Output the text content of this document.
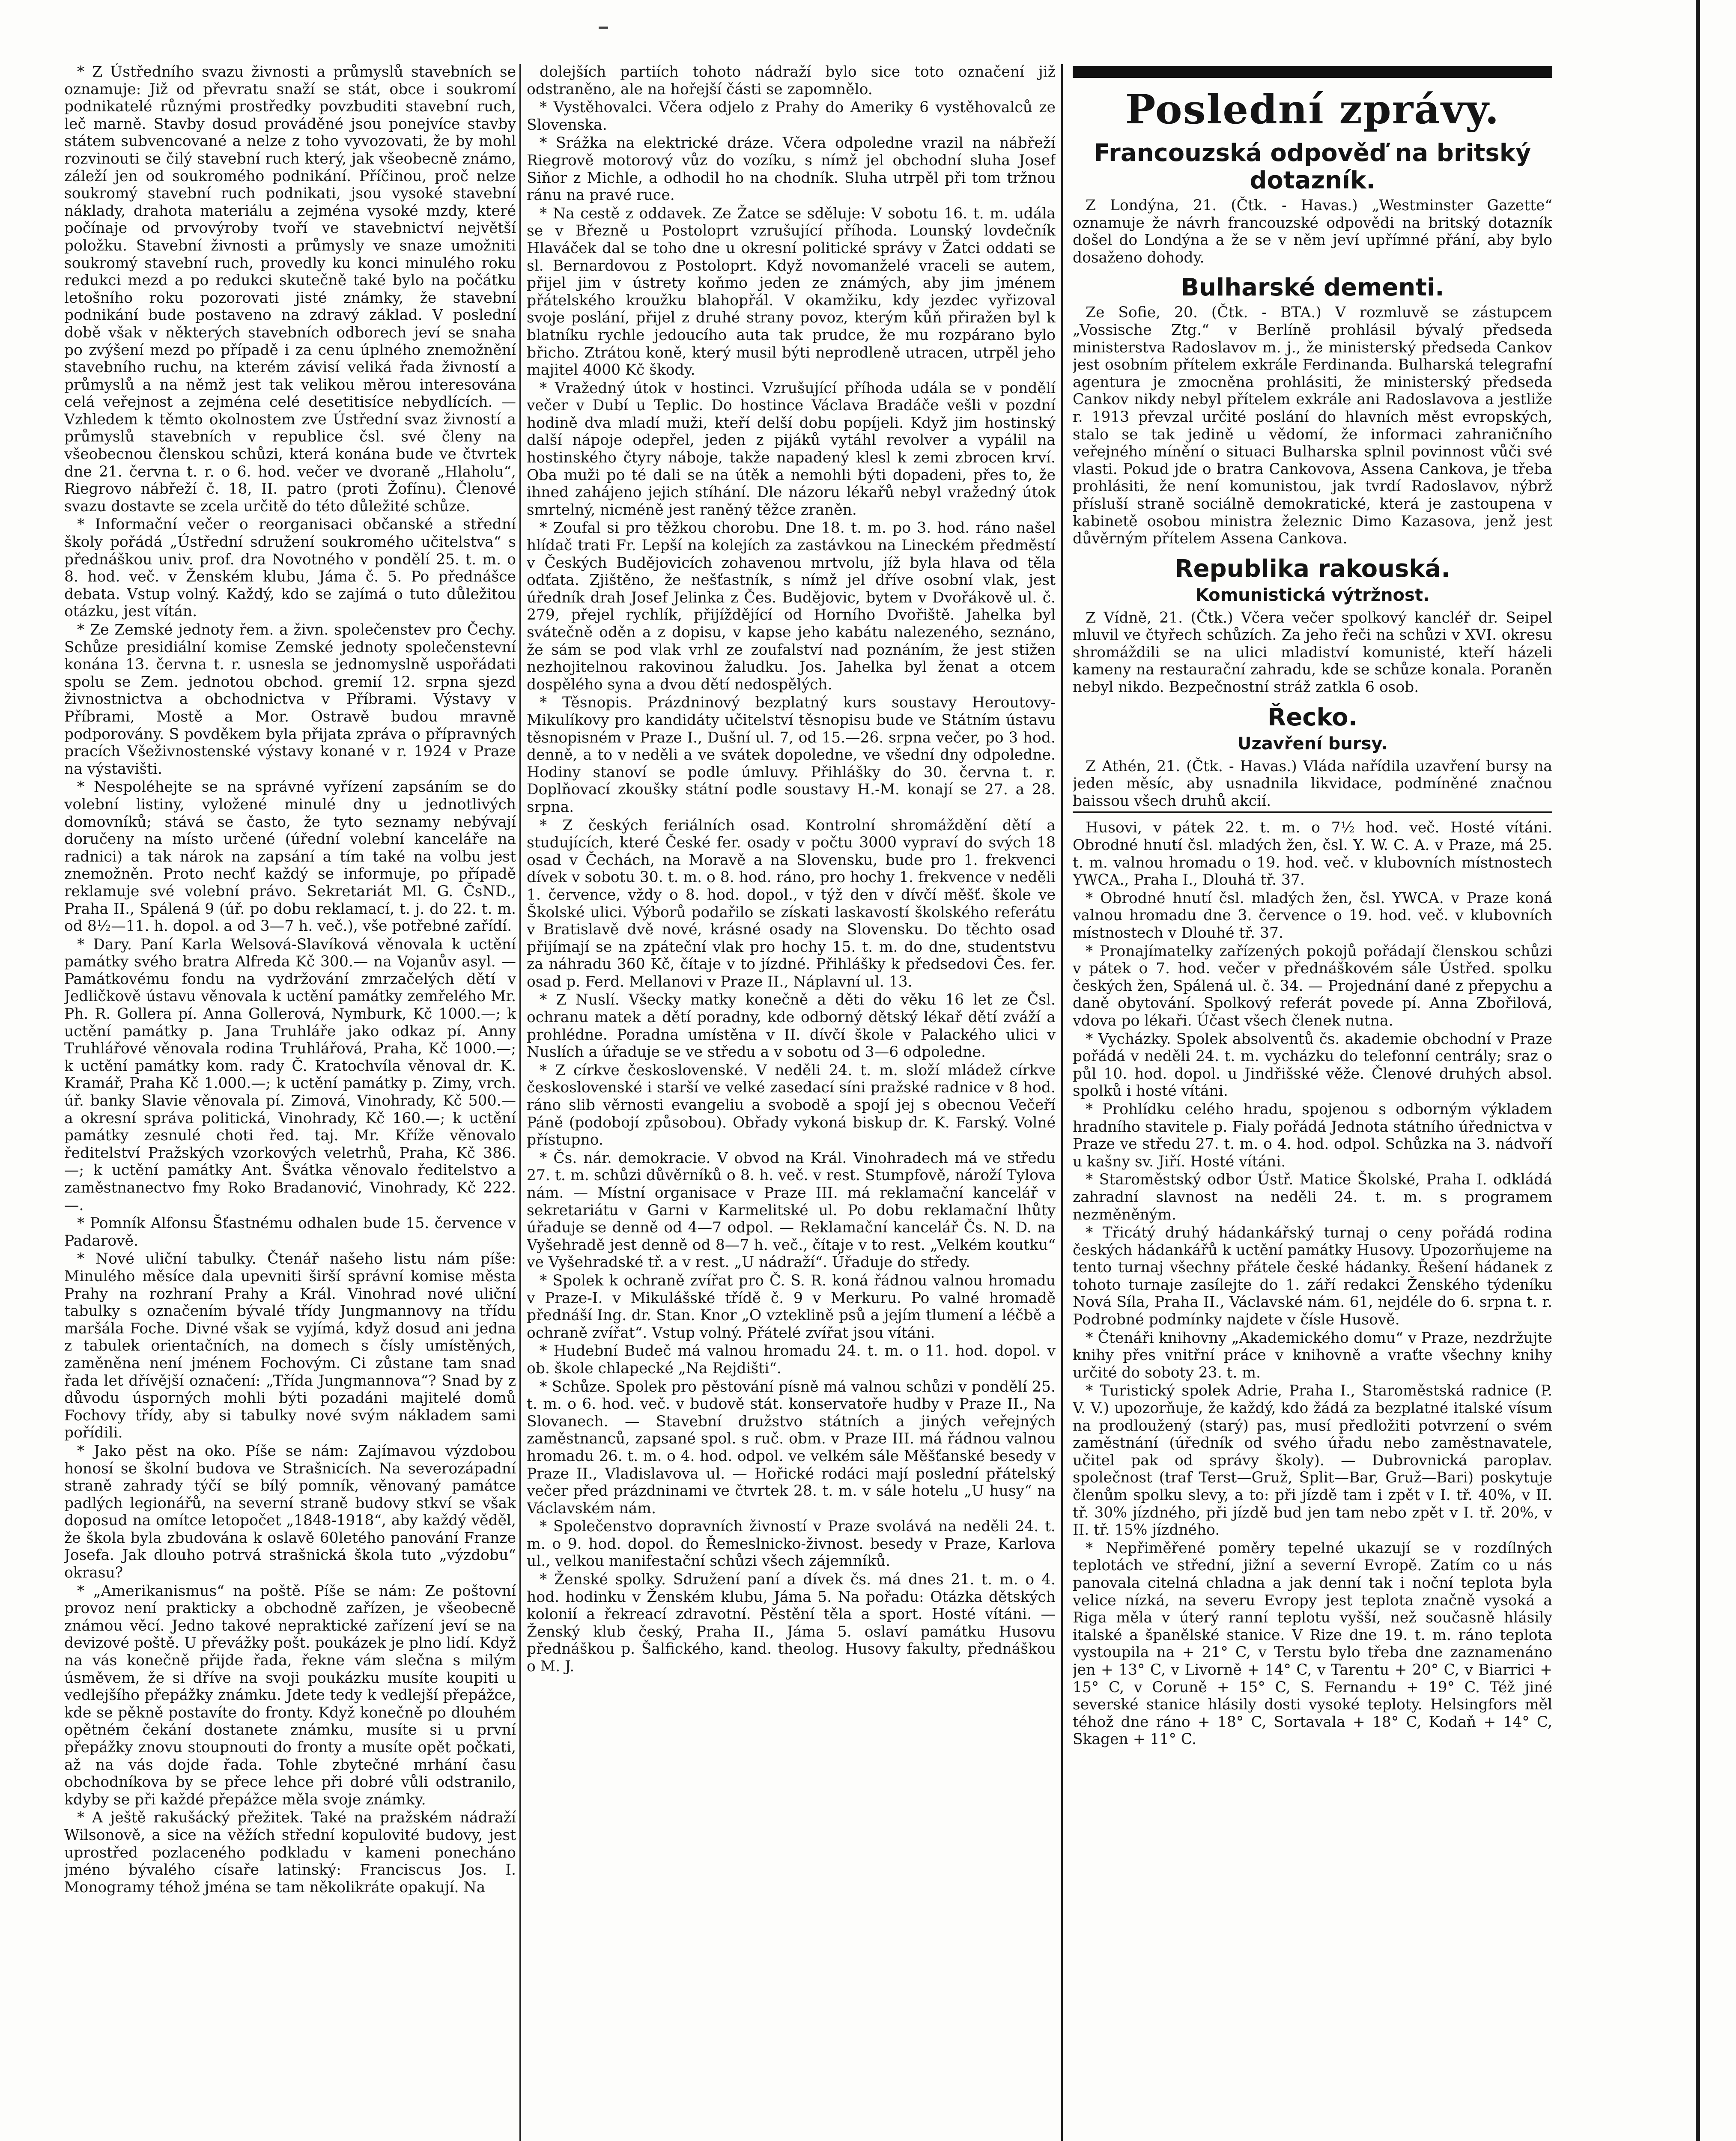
* Z Ústředního svazu živnosti a průmyslů stavebních se oznamuje: Již od převratu snaží se stát, obce i soukromí podnikatelé různými prostředky povzbuditi stavební ruch, leč marně. Stavby dosud prováděné jsou ponejvíce stavby státem subvencované a nelze z toho vyvozovati, že by mohl rozvinouti se čilý stavební ruch který, jak všeobecně známo, záleží jen od soukromého podnikání. Příčinou, proč nelze soukromý stavební ruch podnikati, jsou vysoké stavební náklady, drahota materiálu a zejména vysoké mzdy, které počínaje od prvovýroby tvoří ve stavebnictví největší položku. Stavební živnosti a průmysly ve snaze umožniti soukromý stavební ruch, provedly ku konci minulého roku redukci mezd a po redukci skutečně také bylo na počátku letošního roku pozorovati jisté známky, že stavební podnikání bude postaveno na zdravý základ. V poslední době však v některých stavebních odborech jeví se snaha po zvýšení mezd po případě i za cenu úplného znemožnění stavebního ruchu, na kterém závisí veliká řada živností a průmyslů a na němž jest tak velikou měrou interesována celá veřejnost a zejména celé desetitisíce nebydlících. — Vzhledem k těmto okolnostem zve Ústřední svaz živností a průmyslů stavebních v republice čsl. své členy na všeobecnou členskou schůzi, která konána bude ve čtvrtek dne 21. června t. r. o 6. hod. večer ve dvoraně „Hlaholu“, Riegrovo nábřeží č. 18, II. patro (proti Žofínu). Členové svazu dostavte se zcela určitě do této důležité schůze.

* Informační večer o reorganisaci občanské a střední školy pořádá „Ústřední sdružení soukromého učitelstva“ s přednáškou univ. prof. dra Novotného v pondělí 25. t. m. o 8. hod. več. v Ženském klubu, Jáma č. 5. Po přednášce debata. Vstup volný. Každý, kdo se zajímá o tuto důležitou otázku, jest vítán.

* Ze Zemské jednoty řem. a živn. společenstev pro Čechy. Schůze presidiální komise Zemské jednoty společenstevní konána 13. června t. r. usnesla se jednomyslně uspořádati spolu se Zem. jednotou obchod. gremií 12. srpna sjezd živnostnictva a obchodnictva v Příbrami. Výstavy v Příbrami, Mostě a Mor. Ostravě budou mravně podporovány. S povděkem byla přijata zpráva o přípravných pracích Všeživnostenské výstavy konané v r. 1924 v Praze na výstavišti.

* Nespoléhejte se na správné vyřízení zapsáním se do volební listiny, vyložené minulé dny u jednotlivých domovníků; stává se často, že tyto seznamy nebývají doručeny na místo určené (úřední volební kanceláře na radnici) a tak nárok na zapsání a tím také na volbu jest znemožněn. Proto nechť každý se informuje, po případě reklamuje své volební právo. Sekretariát Ml. G. ČsND., Praha II., Spálená 9 (úř. po dobu reklamací, t. j. do 22. t. m. od 8½—11. h. dopol. a od 3—7 h. več.), vše potřebné zařídí.

* Dary. Paní Karla Welsová-Slavíková věnovala k uctění památky svého bratra Alfreda Kč 300.— na Vojanův asyl. — Památkovému fondu na vydržování zmrzačelých dětí v Jedličkově ústavu věnovala k uctění památky zemřelého Mr. Ph. R. Gollera pí. Anna Gollerová, Nymburk, Kč 1000.—; k uctění památky p. Jana Truhláře jako odkaz pí. Anny Truhlářové věnovala rodina Truhlářová, Praha, Kč 1000.—; k uctění památky kom. rady Č. Kratochvíla věnoval dr. K. Kramář, Praha Kč 1.000.—; k uctění památky p. Zimy, vrch. úř. banky Slavie věnovala pí. Zimová, Vinohrady, Kč 500.— a okresní správa politická, Vinohrady, Kč 160.—; k uctění památky zesnulé choti řed. taj. Mr. Kříže věnovalo ředitelství Pražských vzorkových veletrhů, Praha, Kč 386.—; k uctění památky Ant. Švátka věnovalo ředitelstvo a zaměstnanectvo fmy Roko Bradanović, Vinohrady, Kč 222.—.

* Pomník Alfonsu Šťastnému odhalen bude 15. července v Padarově.

* Nové uliční tabulky. Čtenář našeho listu nám píše: Minulého měsíce dala upevniti širší správní komise města Prahy na rozhraní Prahy a Král. Vinohrad nové uliční tabulky s označením bývalé třídy Jungmannovy na třídu maršála Foche. Divné však se vyjímá, když dosud ani jedna z tabulek orientačních, na domech s čísly umístěných, zaměněna není jménem Fochovým. Ci zůstane tam snad řada let dřívější označení: „Třída Jungmannova“? Snad by z důvodu úsporných mohli býti pozadáni majitelé domů Fochovy třídy, aby si tabulky nové svým nákladem sami pořídili.

* Jako pěst na oko. Píše se nám: Zajímavou výzdobou honosí se školní budova ve Strašnicích. Na severozápadní straně zahrady týčí se bílý pomník, věnovaný památce padlých legionářů, na severní straně budovy stkví se však doposud na omítce letopočet „1848-1918“, aby každý věděl, že škola byla zbudována k oslavě 60letého panování Franze Josefa. Jak dlouho potrvá strašnická škola tuto „výzdobu“ okrasu?

* „Amerikanismus“ na poště. Píše se nám: Ze poštovní provoz není prakticky a obchodně zařízen, je všeobecně známou věcí. Jedno takové nepraktické zařízení jeví se na devizové poště. U převážky pošt. poukázek je plno lidí. Když na vás konečně přijde řada, řekne vám slečna s milým úsměvem, že si dříve na svoji poukázku musíte koupiti u vedlejšího přepážky známku. Jdete tedy k vedlejší přepážce, kde se pěkně postavíte do fronty. Když konečně po dlouhém opětném čekání dostanete známku, musíte si u první přepážky znovu stoupnouti do fronty a musíte opět počkati, až na vás dojde řada. Tohle zbytečné mrhání času obchodníkova by se přece lehce při dobré vůli odstranilo, kdyby se při každé přepážce měla svoje známky.

* A ještě rakušácký přežitek. Také na pražském nádraží Wilsonově, a sice na věžích střední kopulovité budovy, jest uprostřed pozlaceného podkladu v kameni ponecháno jméno bývalého císaře latinský: Franciscus Jos. I. Monogramy téhož jména se tam několikráte opakují. Na

dolejších partiích tohoto nádraží bylo sice toto označení již odstraněno, ale na hořejší části se zapomnělo.

* Vystěhovalci. Včera odjelo z Prahy do Ameriky 6 vystěhovalců ze Slovenska.

* Srážka na elektrické dráze. Včera odpoledne vrazil na nábřeží Riegrově motorový vůz do vozíku, s nímž jel obchodní sluha Josef Siňor z Michle, a odhodil ho na chodník. Sluha utrpěl při tom tržnou ránu na pravé ruce.

* Na cestě z oddavek. Ze Žatce se sděluje: V sobotu 16. t. m. udála se v Březně u Postoloprt vzrušující příhoda. Lounský lovdečník Hlaváček dal se toho dne u okresní politické správy v Žatci oddati se sl. Bernardovou z Postoloprt. Když novomanželé vraceli se autem, přijel jim v ústrety koňmo jeden ze známých, aby jim jménem přátelského kroužku blahopřál. V okamžiku, kdy jezdec vyřizoval svoje poslání, přijel z druhé strany povoz, kterým kůň přiražen byl k blatníku rychle jedoucího auta tak prudce, že mu rozpárano bylo břicho. Ztrátou koně, který musil býti neprodleně utracen, utrpěl jeho majitel 4000 Kč škody.

* Vražedný útok v hostinci. Vzrušující příhoda udála se v pondělí večer v Dubí u Teplic. Do hostince Václava Bradáče vešli v pozdní hodině dva mladí muži, kteří delší dobu popíjeli. Když jim hostinský další nápoje odepřel, jeden z pijáků vytáhl revolver a vypálil na hostinského čtyry náboje, takže napadený klesl k zemi zbrocen krví. Oba muži po té dali se na útěk a nemohli býti dopadeni, přes to, že ihned zahájeno jejich stíhání. Dle názoru lékařů nebyl vražedný útok smrtelný, nicméně jest raněný těžce zraněn.

* Zoufal si pro těžkou chorobu. Dne 18. t. m. po 3. hod. ráno našel hlídač trati Fr. Lepší na kolejích za zastávkou na Lineckém předměstí v Českých Budějovicích zohavenou mrtvolu, jíž byla hlava od těla odťata. Zjištěno, že nešťastník, s nímž jel dříve osobní vlak, jest úředník drah Josef Jelinka z Čes. Budějovic, bytem v Dvořákově ul. č. 279, přejel rychlík, přijíždějící od Horního Dvořiště. Jahelka byl svátečně oděn a z dopisu, v kapse jeho kabátu nalezeného, seznáno, že sám se pod vlak vrhl ze zoufalství nad poznáním, že jest stižen nezhojitelnou rakovinou žaludku. Jos. Jahelka byl ženat a otcem dospělého syna a dvou dětí nedospělých.

* Těsnopis. Prázdninový bezplatný kurs soustavy Heroutovy-Mikulíkovy pro kandidáty učitelství těsnopisu bude ve Státním ústavu těsnopisném v Praze I., Dušní ul. 7, od 15.—26. srpna večer, po 3 hod. denně, a to v neděli a ve svátek dopoledne, ve všední dny odpoledne. Hodiny stanoví se podle úmluvy. Přihlášky do 30. června t. r. Doplňovací zkoušky státní podle soustavy H.-M. konají se 27. a 28. srpna.

* Z českých feriálních osad. Kontrolní shromáždění dětí a studujících, které České fer. osady v počtu 3000 vypraví do svých 18 osad v Čechách, na Moravě a na Slovensku, bude pro 1. frekvenci dívek v sobotu 30. t. m. o 8. hod. ráno, pro hochy 1. frekvence v neděli 1. července, vždy o 8. hod. dopol., v týž den v dívčí měšť. škole ve Školské ulici. Výborů podařilo se získati laskavostí školského referátu v Bratislavě dvě nové, krásné osady na Slovensku. Do těchto osad přijímají se na zpáteční vlak pro hochy 15. t. m. do dne, studentstvu za náhradu 360 Kč, čítaje v to jízdné. Přihlášky k předsedovi Čes. fer. osad p. Ferd. Mellanovi v Praze II., Náplavní ul. 13.

* Z Nuslí. Všecky matky konečně a děti do věku 16 let ze Čsl. ochranu matek a dětí poradny, kde odborný dětský lékař dětí zváží a prohlédne. Poradna umístěna v II. dívčí škole v Palackého ulici v Nuslích a úřaduje se ve středu a v sobotu od 3—6 odpoledne.

* Z církve československé. V neděli 24. t. m. složí mládež církve československé i starší ve velké zasedací síni pražské radnice v 8 hod. ráno slib věrnosti evangeliu a svobodě a spojí jej s obecnou Večeří Páně (podobojí způsobou). Obřady vykoná biskup dr. K. Farský. Volné přístupno.

* Čs. nár. demokracie. V obvod na Král. Vinohradech má ve středu 27. t. m. schůzi důvěrníků o 8. h. več. v rest. Stumpfově, nároží Tylova nám. — Místní organisace v Praze III. má reklamační kancelář v sekretariátu v Garni v Karmelitské ul. Po dobu reklamační lhůty úřaduje se denně od 4—7 odpol. — Reklamační kancelář Čs. N. D. na Vyšehradě jest denně od 8—7 h. več., čítaje v to rest. „Velkém koutku“ ve Vyšehradské tř. a v rest. „U nádraží“. Úřaduje do středy.

* Spolek k ochraně zvířat pro Č. S. R. koná řádnou valnou hromadu v Praze-I. v Mikulášské třídě č. 9 v Merkuru. Po valné hromadě přednáší Ing. dr. Stan. Knor „O vzteklině psů a jejím tlumení a léčbě a ochraně zvířat“. Vstup volný. Přátelé zvířat jsou vítáni.

* Hudební Budeč má valnou hromadu 24. t. m. o 11. hod. dopol. v ob. škole chlapecké „Na Rejdišti“.

* Schůze. Spolek pro pěstování písně má valnou schůzi v pondělí 25. t. m. o 6. hod. več. v budově stát. konservatoře hudby v Praze II., Na Slovanech. — Stavební družstvo státních a jiných veřejných zaměstnanců, zapsané spol. s ruč. obm. v Praze III. má řádnou valnou hromadu 26. t. m. o 4. hod. odpol. ve velkém sále Měšťanské besedy v Praze II., Vladislavova ul. — Hořické rodáci mají poslední přátelský večer před prázdninami ve čtvrtek 28. t. m. v sále hotelu „U husy“ na Václavském nám.

* Společenstvo dopravních živností v Praze svolává na neděli 24. t. m. o 9. hod. dopol. do Řemeslnicko-živnost. besedy v Praze, Karlova ul., velkou manifestační schůzi všech zájemníků.

* Ženské spolky. Sdružení paní a dívek čs. má dnes 21. t. m. o 4. hod. hodinku v Ženském klubu, Jáma 5. Na pořadu: Otázka dětských kolonií a řekreací zdravotní. Pěstění těla a sport. Hosté vítáni. — Ženský klub český, Praha II., Jáma 5. oslaví památku Husovu přednáškou p. Šalfického, kand. theolog. Husovy fakulty, přednáškou o M. J.

Poslední zprávy.
Francouzská odpověď na britský dotazník.

Z Londýna, 21. (Čtk. - Havas.) „Westminster Gazette“ oznamuje že návrh francouzské odpovědi na britský dotazník došel do Londýna a že se v něm jeví upřímné přání, aby bylo dosaženo dohody.

Bulharské dementi.

Ze Sofie, 20. (Čtk. - BTA.) V rozmluvě se zástupcem „Vossische Ztg.“ v Berlíně prohlásil bývalý předseda ministerstva Radoslavov m. j., že ministerský předseda Cankov jest osobním přítelem exkrále Ferdinanda. Bulharská telegrafní agentura je zmocněna prohlásiti, že ministerský předseda Cankov nikdy nebyl přítelem exkrále ani Radoslavova a jestliže r. 1913 převzal určité poslání do hlavních měst evropských, stalo se tak jedině u vědomí, že informaci zahraničního veřejného mínění o situaci Bulharska splnil povinnost vůči své vlasti. Pokud jde o bratra Cankovova, Assena Cankova, je třeba prohlásiti, že není komunistou, jak tvrdí Radoslavov, nýbrž přísluší straně sociálně demokratické, která je zastoupena v kabinetě osobou ministra železnic Dimo Kazasova, jenž jest důvěrným přítelem Assena Cankova.

Republika rakouská.
Komunistická výtržnost.

Z Vídně, 21. (Čtk.) Včera večer spolkový kancléř dr. Seipel mluvil ve čtyřech schůzích. Za jeho řeči na schůzi v XVI. okresu shromáždili se na ulici mladiství komunisté, kteří házeli kameny na restaurační zahradu, kde se schůze konala. Poraněn nebyl nikdo. Bezpečnostní stráž zatkla 6 osob.

Řecko.
Uzavření bursy.

Z Athén, 21. (Čtk. - Havas.) Vláda nařídila uzavření bursy na jeden měsíc, aby usnadnila likvidace, podmíněné značnou baissou všech druhů akcií.

Husovi, v pátek 22. t. m. o 7½ hod. več. Hosté vítáni. Obrodné hnutí čsl. mladých žen, čsl. Y. W. C. A. v Praze, má 25. t. m. valnou hromadu o 19. hod. več. v klubovních místnostech YWCA., Praha I., Dlouhá tř. 37.

* Obrodné hnutí čsl. mladých žen, čsl. YWCA. v Praze koná valnou hromadu dne 3. července o 19. hod. več. v klubovních místnostech v Dlouhé tř. 37.

* Pronajímatelky zařízených pokojů pořádají členskou schůzi v pátek o 7. hod. večer v přednáškovém sále Ústřed. spolku českých žen, Spálená ul. č. 34. — Projednání dané z přepychu a daně obytování. Spolkový referát povede pí. Anna Zbořilová, vdova po lékaři. Účast všech členek nutna.

* Vycházky. Spolek absolventů čs. akademie obchodní v Praze pořádá v neděli 24. t. m. vycházku do telefonní centrály; sraz o půl 10. hod. dopol. u Jindřišské věže. Členové druhých absol. spolků i hosté vítáni.

* Prohlídku celého hradu, spojenou s odborným výkladem hradního stavitele p. Fialy pořádá Jednota státního úřednictva v Praze ve středu 27. t. m. o 4. hod. odpol. Schůzka na 3. nádvoří u kašny sv. Jiří. Hosté vítáni.

* Staroměstský odbor Ústř. Matice Školské, Praha I. odkládá zahradní slavnost na neděli 24. t. m. s programem nezměněným.

* Třicátý druhý hádankářský turnaj o ceny pořádá rodina českých hádankářů k uctění památky Husovy. Upozorňujeme na tento turnaj všechny přátele české hádanky. Řešení hádanek z tohoto turnaje zasílejte do 1. září redakci Ženského týdeníku Nová Síla, Praha II., Václavské nám. 61, nejdéle do 6. srpna t. r. Podrobné podmínky najdete v čísle Husově.

* Čtenáři knihovny „Akademického domu“ v Praze, nezdržujte knihy přes vnitřní práce v knihovně a vraťte všechny knihy určité do soboty 23. t. m.

* Turistický spolek Adrie, Praha I., Staroměstská radnice (P. V. V.) upozorňuje, že každý, kdo žádá za bezplatné italské vísum na prodloužený (starý) pas, musí předložiti potvrzení o svém zaměstnání (úředník od svého úřadu nebo zaměstnavatele, učitel pak od správy školy). — Dubrovnická paroplav. společnost (traf Terst—Gruž, Split—Bar, Gruž—Bari) poskytuje členům spolku slevy, a to: při jízdě tam i zpět v I. tř. 40%, v II. tř. 30% jízdného, při jízdě bud jen tam nebo zpět v I. tř. 20%, v II. tř. 15% jízdného.

* Nepřiměřené poměry tepelné ukazují se v rozdílných teplotách ve střední, jižní a severní Evropě. Zatím co u nás panovala citelná chladna a jak denní tak i noční teplota byla velice nízká, na severu Evropy jest teplota značně vysoká a Riga měla v úterý ranní teplotu vyšší, než současně hlásily italské a španělské stanice. V Rize dne 19. t. m. ráno teplota vystoupila na + 21° C, v Terstu bylo třeba dne zaznamenáno jen + 13° C, v Livorně + 14° C, v Tarentu + 20° C, v Biarrici + 15° C, v Coruně + 15° C, S. Fernandu + 19° C. Též jiné severské stanice hlásily dosti vysoké teploty. Helsingfors měl téhož dne ráno + 18° C, Sortavala + 18° C, Kodaň + 14° C, Skagen + 11° C.
